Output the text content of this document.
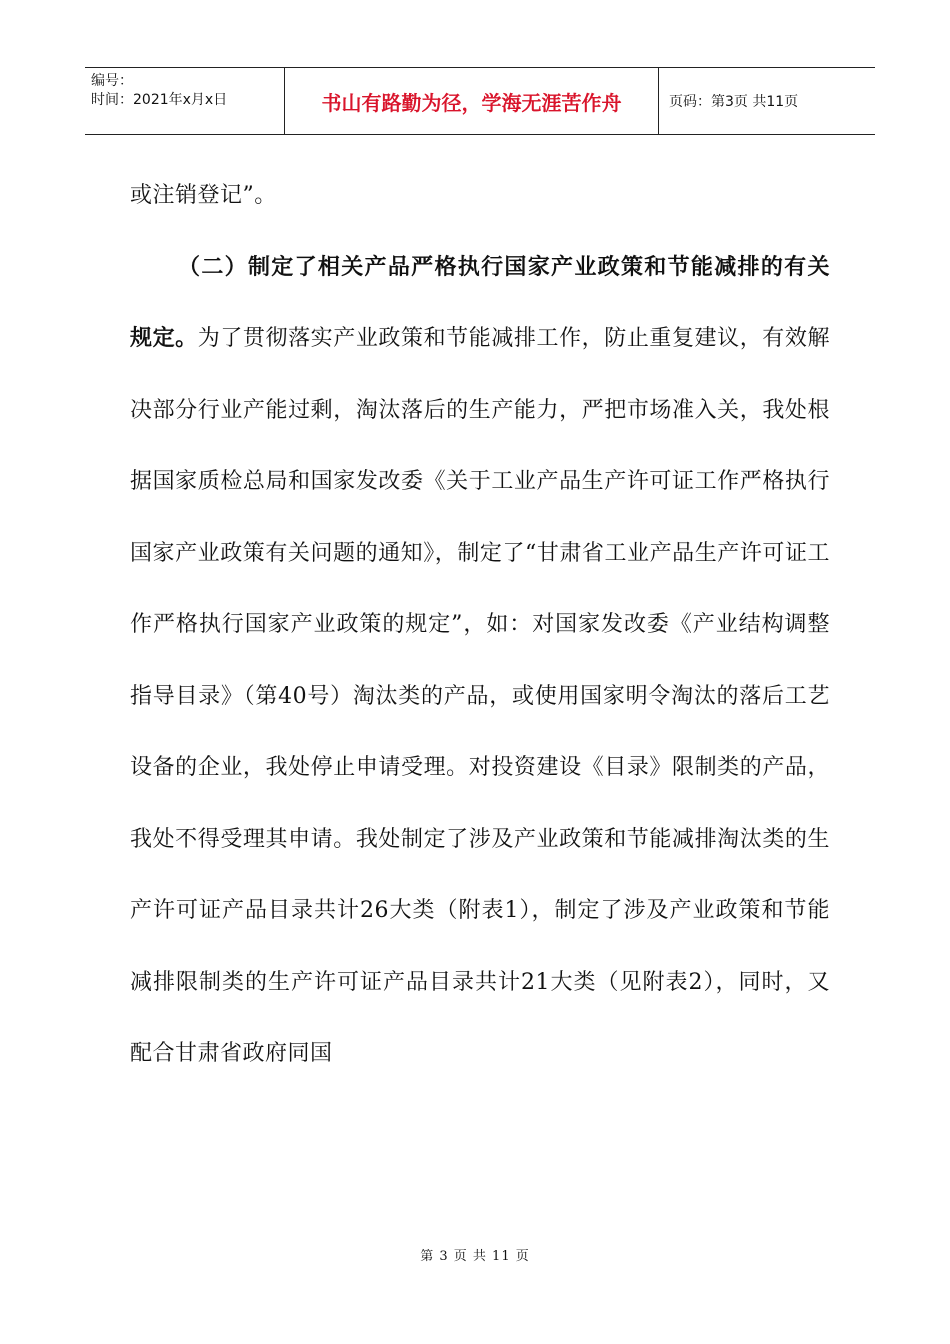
编号：
时间：2021年x月x日	书山有路勤为径，学海无涯苦作舟	页码：第3页 共11页

或注销登记”。

（二）制定了相关产品严格执行国家产业政策和节能减排的有关规定。为了贯彻落实产业政策和节能减排工作，防止重复建议，有效解决部分行业产能过剩，淘汰落后的生产能力，严把市场准入关，我处根据国家质检总局和国家发改委《关于工业产品生产许可证工作严格执行国家产业政策有关问题的通知》，制定了“甘肃省工业产品生产许可证工作严格执行国家产业政策的规定”，如：对国家发改委《产业结构调整指导目录》（第40号）淘汰类的产品，或使用国家明令淘汰的落后工艺设备的企业，我处停止申请受理。对投资建设《目录》限制类的产品，我处不得受理其申请。我处制定了涉及产业政策和节能减排淘汰类的生产许可证产品目录共计26大类（附表1），制定了涉及产业政策和节能减排限制类的生产许可证产品目录共计21大类（见附表2），同时，又配合甘肃省政府同国

第 3 页 共 11 页
